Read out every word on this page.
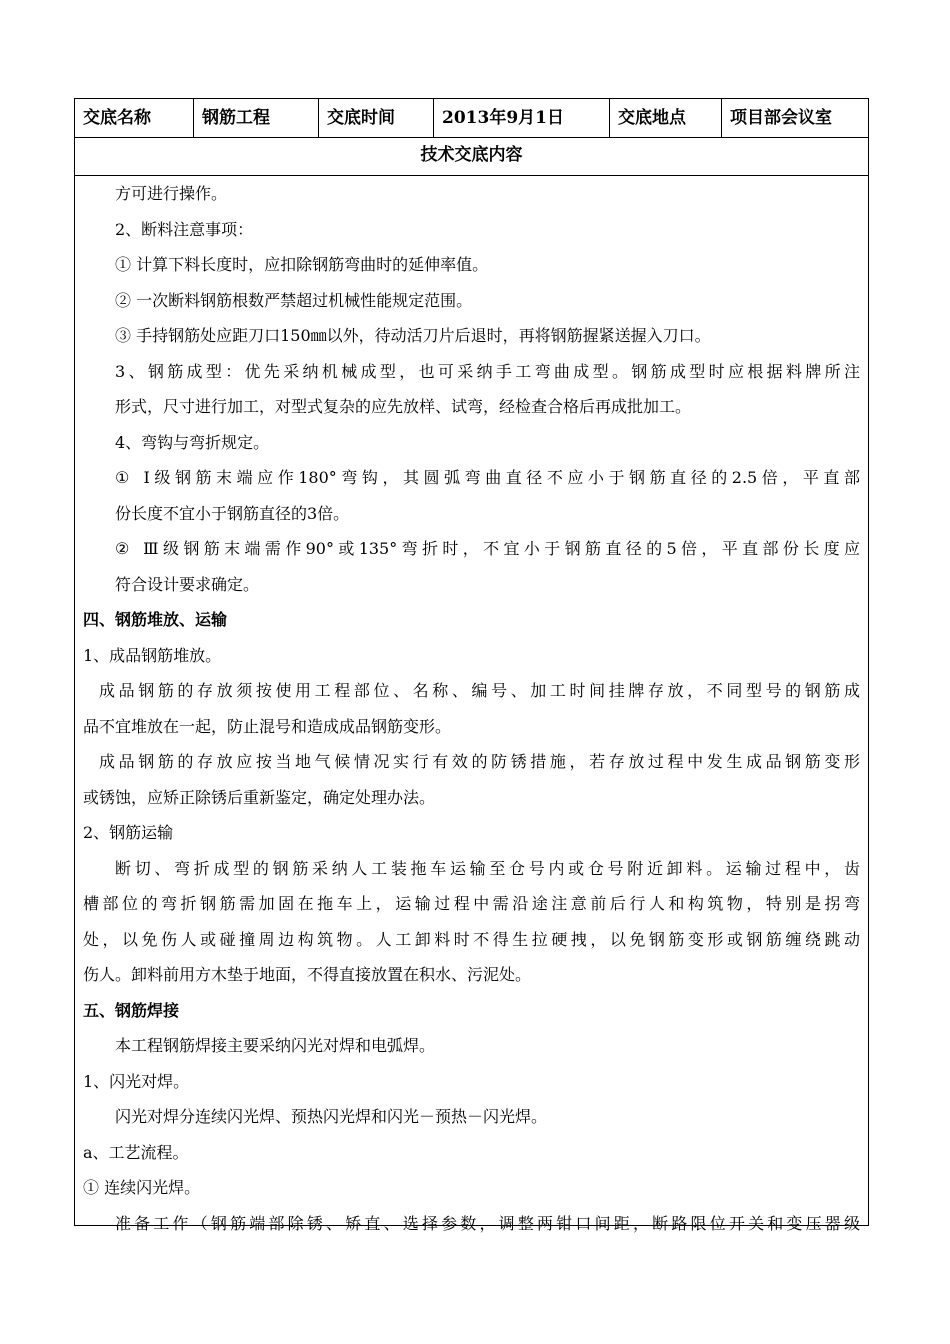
交底名称	钢筋工程	交底时间	2013年9月1日	交底地点	项目部会议室
技术交底内容
方可进行操作。
2、断料注意事项：
① 计算下料长度时，应扣除钢筋弯曲时的延伸率值。
② 一次断料钢筋根数严禁超过机械性能规定范围。
③ 手持钢筋处应距刀口150㎜以外，待动活刀片后退时，再将钢筋握紧送握入刀口。
3、钢筋成型：优先采纳机械成型，也可采纳手工弯曲成型。钢筋成型时应根据料牌所注
形式，尺寸进行加工，对型式复杂的应先放样、试弯，经检查合格后再成批加工。
4、弯钩与弯折规定。
① Ⅰ级钢筋末端应作180°弯钩，其圆弧弯曲直径不应小于钢筋直径的2.5倍，平直部
份长度不宜小于钢筋直径的3倍。
② Ⅲ级钢筋末端需作90°或135°弯折时，不宜小于钢筋直径的5倍，平直部份长度应
符合设计要求确定。
四、钢筋堆放、运输
1、成品钢筋堆放。
成品钢筋的存放须按使用工程部位、名称、编号、加工时间挂牌存放，不同型号的钢筋成
品不宜堆放在一起，防止混号和造成成品钢筋变形。
成品钢筋的存放应按当地气候情况实行有效的防锈措施，若存放过程中发生成品钢筋变形
或锈蚀，应矫正除锈后重新鉴定，确定处理办法。
2、钢筋运输
断切、弯折成型的钢筋采纳人工装拖车运输至仓号内或仓号附近卸料。运输过程中，齿
槽部位的弯折钢筋需加固在拖车上，运输过程中需沿途注意前后行人和构筑物，特别是拐弯
处，以免伤人或碰撞周边构筑物。人工卸料时不得生拉硬拽，以免钢筋变形或钢筋缠绕跳动
伤人。卸料前用方木垫于地面，不得直接放置在积水、污泥处。
五、钢筋焊接
本工程钢筋焊接主要采纳闪光对焊和电弧焊。
1、闪光对焊。
闪光对焊分连续闪光焊、预热闪光焊和闪光－预热－闪光焊。
a、工艺流程。
① 连续闪光焊。
准备工作（钢筋端部除锈、矫直、选择参数，调整两钳口间距，断路限位开关和变压器级
